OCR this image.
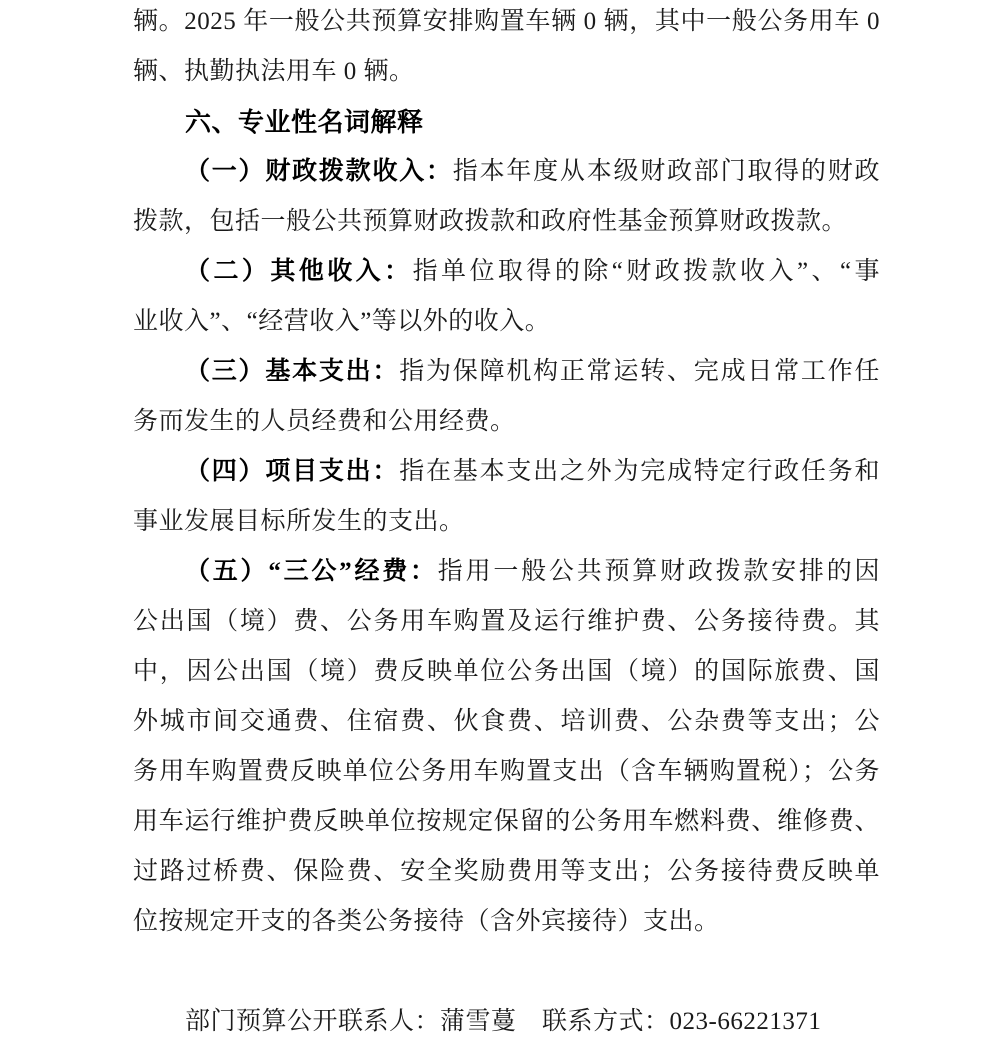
辆。2025 年一般公共预算安排购置车辆 0 辆，其中一般公务用车 0
辆、执勤执法用车 0 辆。
六、专业性名词解释
（一）财政拨款收入：指本年度从本级财政部门取得的财政
拨款，包括一般公共预算财政拨款和政府性基金预算财政拨款。
（二）其他收入：指单位取得的除“财政拨款收入”、“事
业收入”、“经营收入”等以外的收入。
（三）基本支出：指为保障机构正常运转、完成日常工作任
务而发生的人员经费和公用经费。
（四）项目支出：指在基本支出之外为完成特定行政任务和
事业发展目标所发生的支出。
（五）“三公”经费：指用一般公共预算财政拨款安排的因
公出国（境）费、公务用车购置及运行维护费、公务接待费。其
中，因公出国（境）费反映单位公务出国（境）的国际旅费、国
外城市间交通费、住宿费、伙食费、培训费、公杂费等支出；公
务用车购置费反映单位公务用车购置支出（含车辆购置税）；公务
用车运行维护费反映单位按规定保留的公务用车燃料费、维修费、
过路过桥费、保险费、安全奖励费用等支出；公务接待费反映单
位按规定开支的各类公务接待（含外宾接待）支出。
部门预算公开联系人：蒲雪蔓　联系方式：023-66221371
